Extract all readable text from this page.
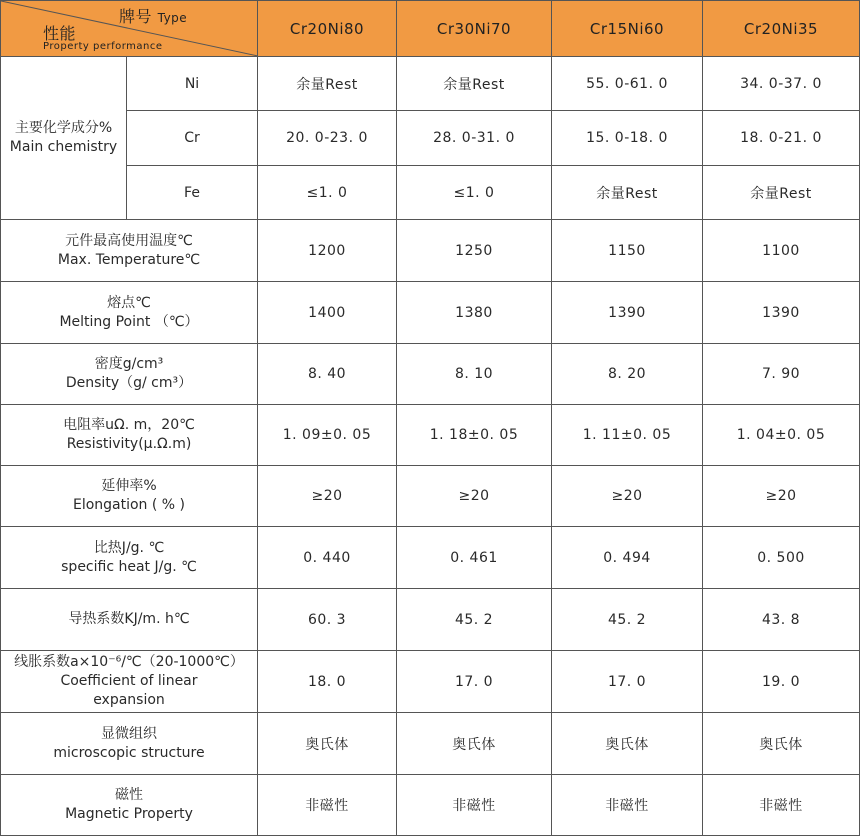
牌号 Type
性能
Property performance		Cr20Ni80	Cr30Ni70	Cr15Ni60	Cr20Ni35

主要化学成分%
Main chemistry	Ni	余量Rest	余量Rest	55. 0-61. 0	34. 0-37. 0
	Cr	20. 0-23. 0	28. 0-31. 0	15. 0-18. 0	18. 0-21. 0
	Fe	≤1. 0	≤1. 0	余量Rest	余量Rest

元件最高使用温度℃
Max. Temperature℃		1200	1250	1150	1100

熔点℃
Melting Point （℃）		1400	1380	1390	1390

密度g/cm³
Density（g/ cm³）		8. 40	8. 10	8. 20	7. 90

电阻率uΩ. m，20℃
Resistivity(μ.Ω.m)		1. 09±0. 05	1. 18±0. 05	1. 11±0. 05	1. 04±0. 05

延伸率%
Elongation ( % )		≥20	≥20	≥20	≥20

比热J/g. ℃
specific heat J/g. ℃		0. 440	0. 461	0. 494	0. 500

导热系数KJ/m. h℃		60. 3	45. 2	45. 2	43. 8

线胀系数a×10⁻⁶/℃（20-1000℃）
Coefficient of linear expansion		18. 0	17. 0	17. 0	19. 0

显微组织
microscopic structure		奥氏体	奥氏体	奥氏体	奥氏体

磁性
Magnetic Property		非磁性	非磁性	非磁性	非磁性
